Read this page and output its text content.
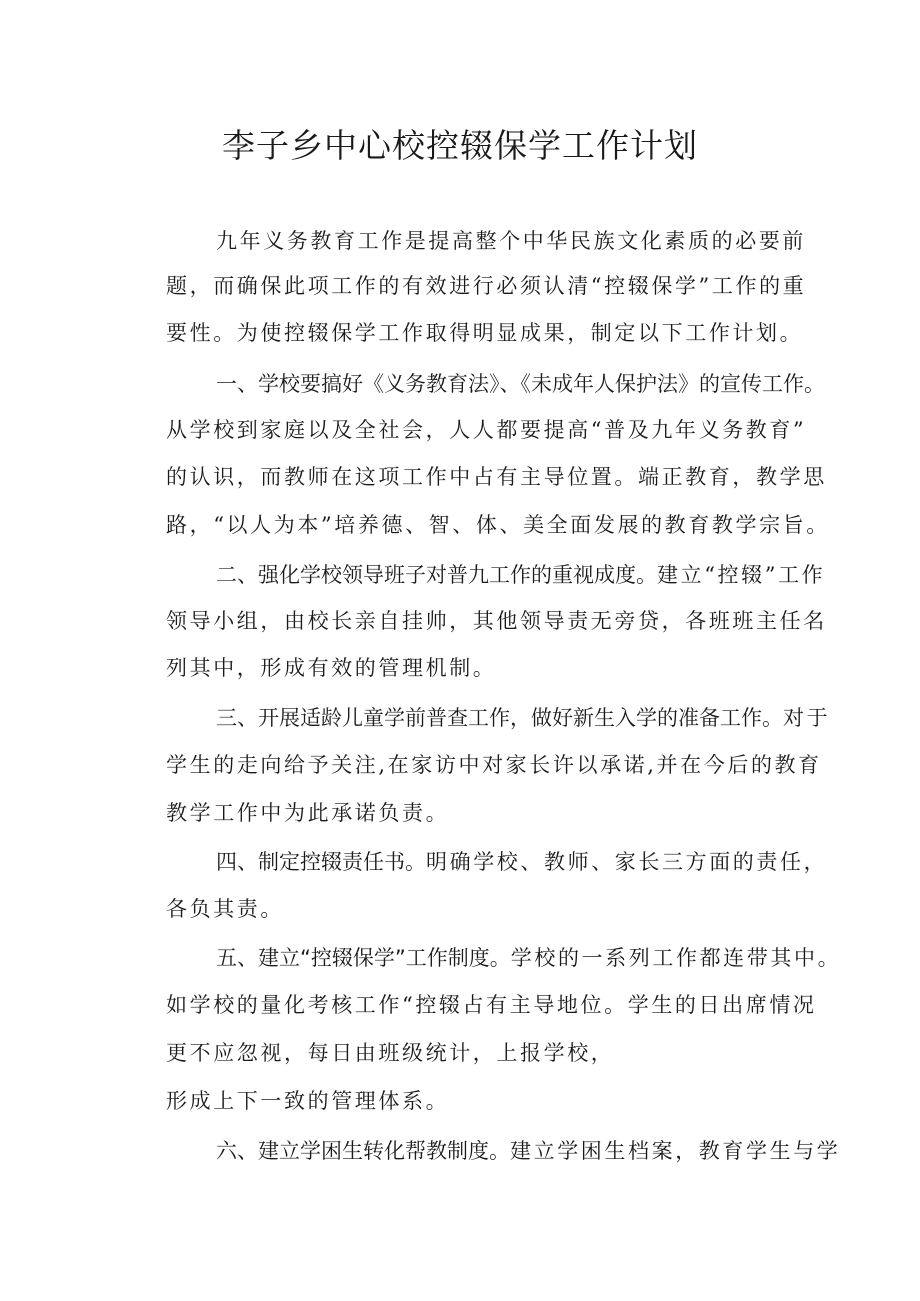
李子乡中心校控辍保学工作计划
九年义务教育工作是提高整个中华民族文化素质的必要前
题，而确保此项工作的有效进行必须认清“控辍保学”工作的重
要性。为使控辍保学工作取得明显成果，制定以下工作计划。
一、学校要搞好《义务教育法》、《未成年人保护法》的宣传工作。
从学校到家庭以及全社会，人人都要提高“普及九年义务教育”
的认识，而教师在这项工作中占有主导位置。端正教育，教学思
路，“以人为本”培养德、智、体、美全面发展的教育教学宗旨。
二、强化学校领导班子对普九工作的重视成度。建立“控辍”工作
领导小组，由校长亲自挂帅，其他领导责无旁贷，各班班主任名
列其中，形成有效的管理机制。
三、开展适龄儿童学前普查工作，做好新生入学的准备工作。对于
学生的走向给予关注,在家访中对家长许以承诺,并在今后的教育
教学工作中为此承诺负责。
四、制定控辍责任书。明确学校、教师、家长三方面的责任，
各负其责。
五、建立“控辍保学”工作制度。学校的一系列工作都连带其中。
如学校的量化考核工作“控辍占有主导地位。学生的日出席情况
更不应忽视，每日由班级统计，上报学校，
形成上下一致的管理体系。
六、建立学困生转化帮教制度。建立学困生档案，教育学生与学
